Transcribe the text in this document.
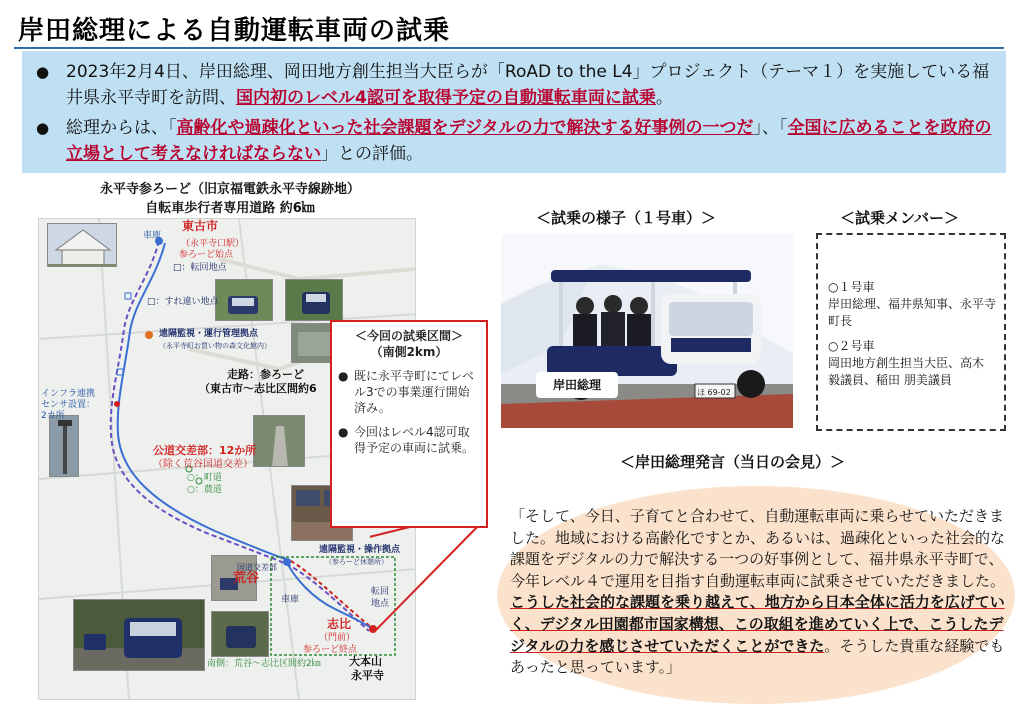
岸田総理による自動運転車両の試乗
● 2023年2月4日、岸田総理、岡田地方創生担当大臣らが「RoAD to the L4」プロジェクト（テーマ１）を実施している福井県永平寺町を訪問、国内初のレベル4認可を取得予定の自動運転車両に試乗。
● 総理からは、「高齢化や過疎化といった社会課題をデジタルの力で解決する好事例の一つだ」、「全国に広めることを政府の立場として考えなければならない」との評価。
永平寺参ろーど（旧京福電鉄永平寺線跡地）
自転車歩行者専用道路 約6㎞
東古市
車庫
（永平寺口駅）
参ろーど始点
□：転回地点
□：すれ違い地点
遠隔監視・運行管理拠点
（永平寺町お買い物の森文化館内）
走路：参ろーど
（東古市〜志比区間約6
インフラ連携
センサ設置：
2カ所
公道交差部：12か所
（除く荒谷国道交差）
○：町道
○：農道
遠隔監視・操作拠点
（参ろーど休憩所）
国道交差部
荒谷
車庫
転回
地点
志比
（門前）
参ろーど終点
南側：荒谷〜志比区間約2㎞	大本山
永平寺
＜今回の試乗区間＞
（南側2km）
● 既に永平寺町にてレベル3での事業運行開始済み。
● 今回はレベル4認可取得予定の車両に試乗。
＜試乗の様子（１号車）＞
ほ 69-02
岸田総理
＜試乗メンバー＞
○１号車

岸田総理、福井県知事、永平寺町長

○２号車

岡田地方創生担当大臣、高木 毅議員、稲田 朋美議員

＜岸田総理発言（当日の会見）＞
「そして、今日、子育てと合わせて、自動運転車両に乗らせていただきました。地域における高齢化ですとか、あるいは、過疎化といった社会的な課題をデジタルの力で解決する一つの好事例として、福井県永平寺町で、今年レベル４で運用を目指す自動運転車両に試乗させていただきました。こうした社会的な課題を乗り越えて、地方から日本全体に活力を広げていく、デジタル田園都市国家構想、この取組を進めていく上で、こうしたデジタルの力を感じさせていただくことができた。そうした貴重な経験でもあったと思っています。」
